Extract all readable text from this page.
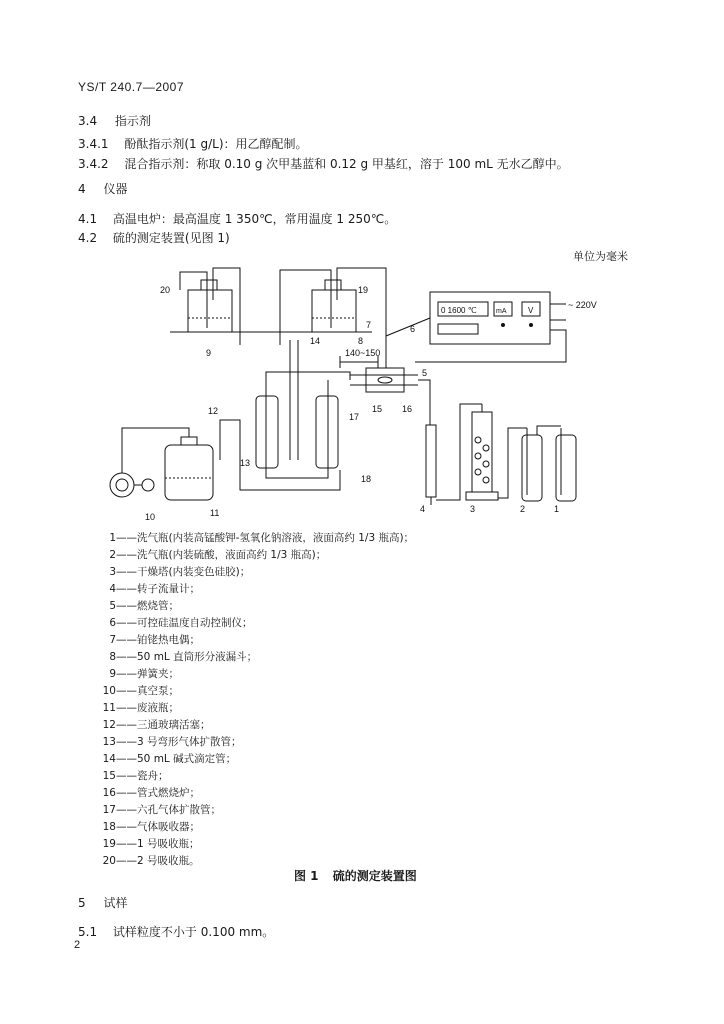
YS/T 240.7—2007
3.4 指示剂
3.4.1 酚酞指示剂(1 g/L)：用乙醇配制。
3.4.2 混合指示剂：称取 0.10 g 次甲基蓝和 0.12 g 甲基红，溶于 100 mL 无水乙醇中。
4 仪器
4.1 高温电炉：最高温度 1 350℃，常用温度 1 250℃。
4.2 硫的测定装置(见图 1)
单位为毫米
20	19
7	6
8
14
9	140~150
5
15 16
12
17
13
18
11
10
4	3	2	1
0 1600 ℃	mA	V
~ 220V
1——洗气瓶(内装高锰酸钾-氢氧化钠溶液，液面高约 1/3 瓶高)；
2——洗气瓶(内装硫酸，液面高约 1/3 瓶高)；
3——干燥塔(内装变色硅胶)；
4——转子流量计；
5——燃烧管；
6——可控硅温度自动控制仪；
7——铂铑热电偶；
8——50 mL 直筒形分液漏斗；
9——弹簧夹；
10——真空泵；
11——废液瓶；
12——三通玻璃活塞；
13——3 号弯形气体扩散管；
14——50 mL 碱式滴定管；
15——瓷舟；
16——管式燃烧炉；
17——六孔气体扩散管；
18——气体吸收器；
19——1 号吸收瓶；
20——2 号吸收瓶。
图 1 硫的测定装置图
5 试样
5.1 试样粒度不小于 0.100 mm。
2
